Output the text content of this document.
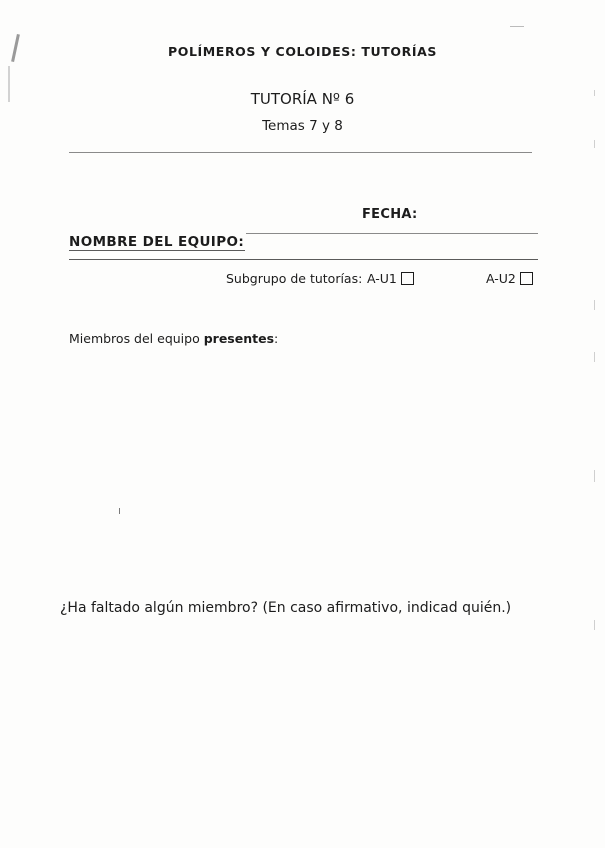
POLÍMEROS Y COLOIDES: TUTORÍAS
TUTORÍA Nº 6
Temas 7 y 8
FECHA:
NOMBRE DEL EQUIPO:
Subgrupo de tutorías: A-U1	A-U2
Miembros del equipo presentes:
¿Ha faltado algún miembro? (En caso afirmativo, indicad quién.)
